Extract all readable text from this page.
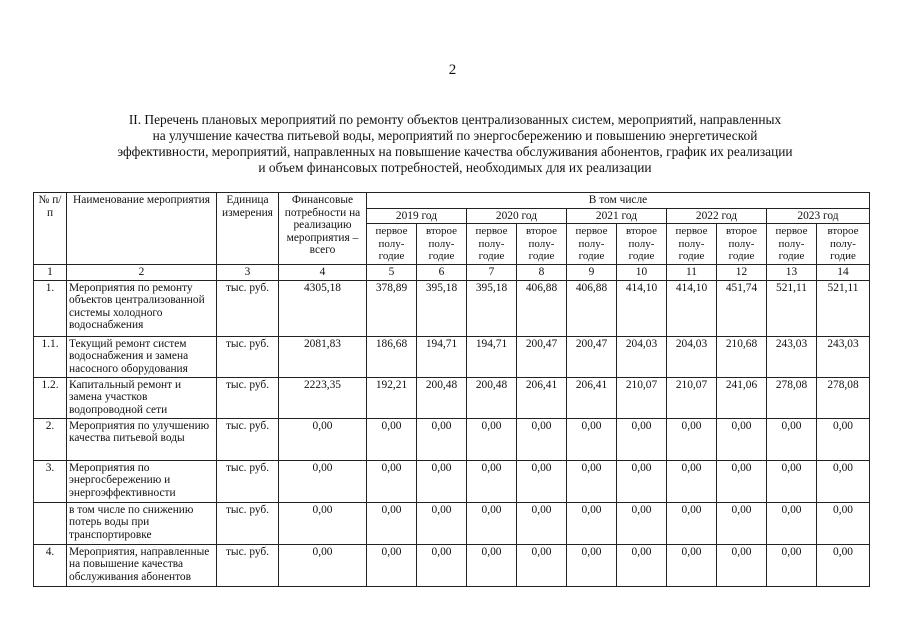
2
II. Перечень плановых мероприятий по ремонту объектов централизованных систем, мероприятий, направленных
на улучшение качества питьевой воды, мероприятий по энергосбережению и повышению энергетической
эффективности, мероприятий, направленных на повышение качества обслуживания абонентов, график их реализации
и объем финансовых потребностей, необходимых для их реализации
№ п/п	Наименование мероприятия	Единица измерения	Финансовые потребности на реализацию мероприятия – всего	В том числе									
				2019 год		2020 год		2021 год		2022 год		2023 год	
				первое полу- годие	второе полу- годие	первое полу- годие	второе полу- годие	первое полу- годие	второе полу- годие	первое полу- годие	второе полу- годие	первое полу- годие	второе полу- годие
1	2	3	4	5	6	7	8	9	10	11	12	13	14
1.	Мероприятия по ремонту объектов централизованной системы холодного водоснабжения	тыс. руб.	4305,18	378,89	395,18	395,18	406,88	406,88	414,10	414,10	451,74	521,11	521,11
1.1.	Текущий ремонт систем водоснабжения и замена насосного оборудования	тыс. руб.	2081,83	186,68	194,71	194,71	200,47	200,47	204,03	204,03	210,68	243,03	243,03
1.2.	Капитальный ремонт и замена участков водопроводной сети	тыс. руб.	2223,35	192,21	200,48	200,48	206,41	206,41	210,07	210,07	241,06	278,08	278,08
2.	Мероприятия по улучшению качества питьевой воды	тыс. руб.	0,00	0,00	0,00	0,00	0,00	0,00	0,00	0,00	0,00	0,00	0,00
3.	Мероприятия по энергосбережению и энергоэффективности	тыс. руб.	0,00	0,00	0,00	0,00	0,00	0,00	0,00	0,00	0,00	0,00	0,00
	в том числе по снижению потерь воды при транспортировке	тыс. руб.	0,00	0,00	0,00	0,00	0,00	0,00	0,00	0,00	0,00	0,00	0,00
4.	Мероприятия, направленные на повышение качества обслуживания абонентов	тыс. руб.	0,00	0,00	0,00	0,00	0,00	0,00	0,00	0,00	0,00	0,00	0,00
